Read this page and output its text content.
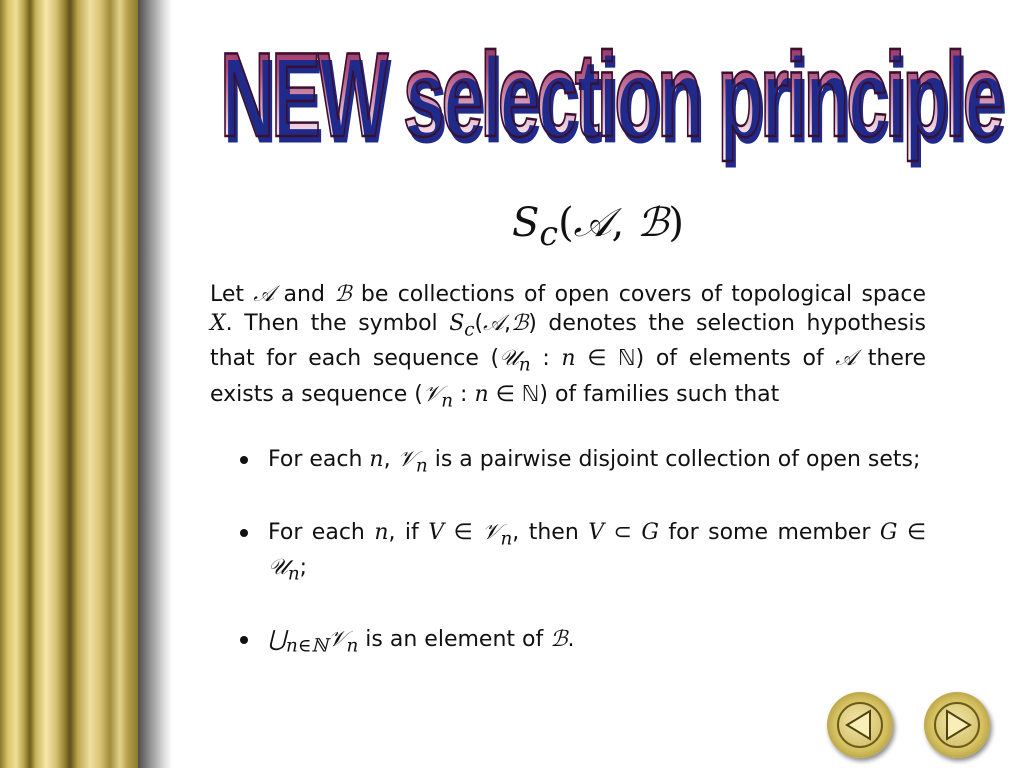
NEW selection principle
$S_c(𝒜$, ℬ)

Let 𝒜 and ℬ be collections of open covers of topological space X. Then the symbol $S_c(𝒜,ℬ)$ denotes the selection hypothesis that for each sequence (𝒰$_n$ : n ∈ ℕ) of elements of 𝒜 there exists a sequence (𝒱$_n$ : n ∈ ℕ) of families such that

For each n, 𝒱$_n$ is a pairwise disjoint collection of open sets;
For each n, if V ∈ 𝒱$_n$, then V ⊂ G for some member G ∈ 𝒰$_n$;
$⋃_{n\in ℕ}𝒱_n$ is an element of ℬ.
